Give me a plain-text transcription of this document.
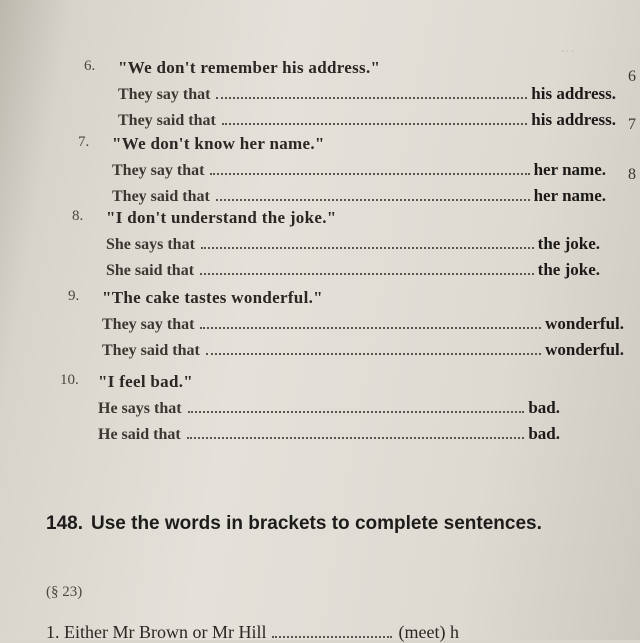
…
6. "We don't remember his address."
They say that	his address.
They said that	his address.
7. "We don't know her name."
They say that	her name.
They said that	her name.
8. "I don't understand the joke."
She says that	the joke.
She said that	the joke.
9. "The cake tastes wonderful."
They say that	wonderful.
They said that	wonderful.
10. "I feel bad."
He says that	bad.
He said that	bad.
148. Use the words in brackets to complete sentences.
(§ 23)
1. Either Mr Brown or Mr Hill	(meet) h
6
7
8
